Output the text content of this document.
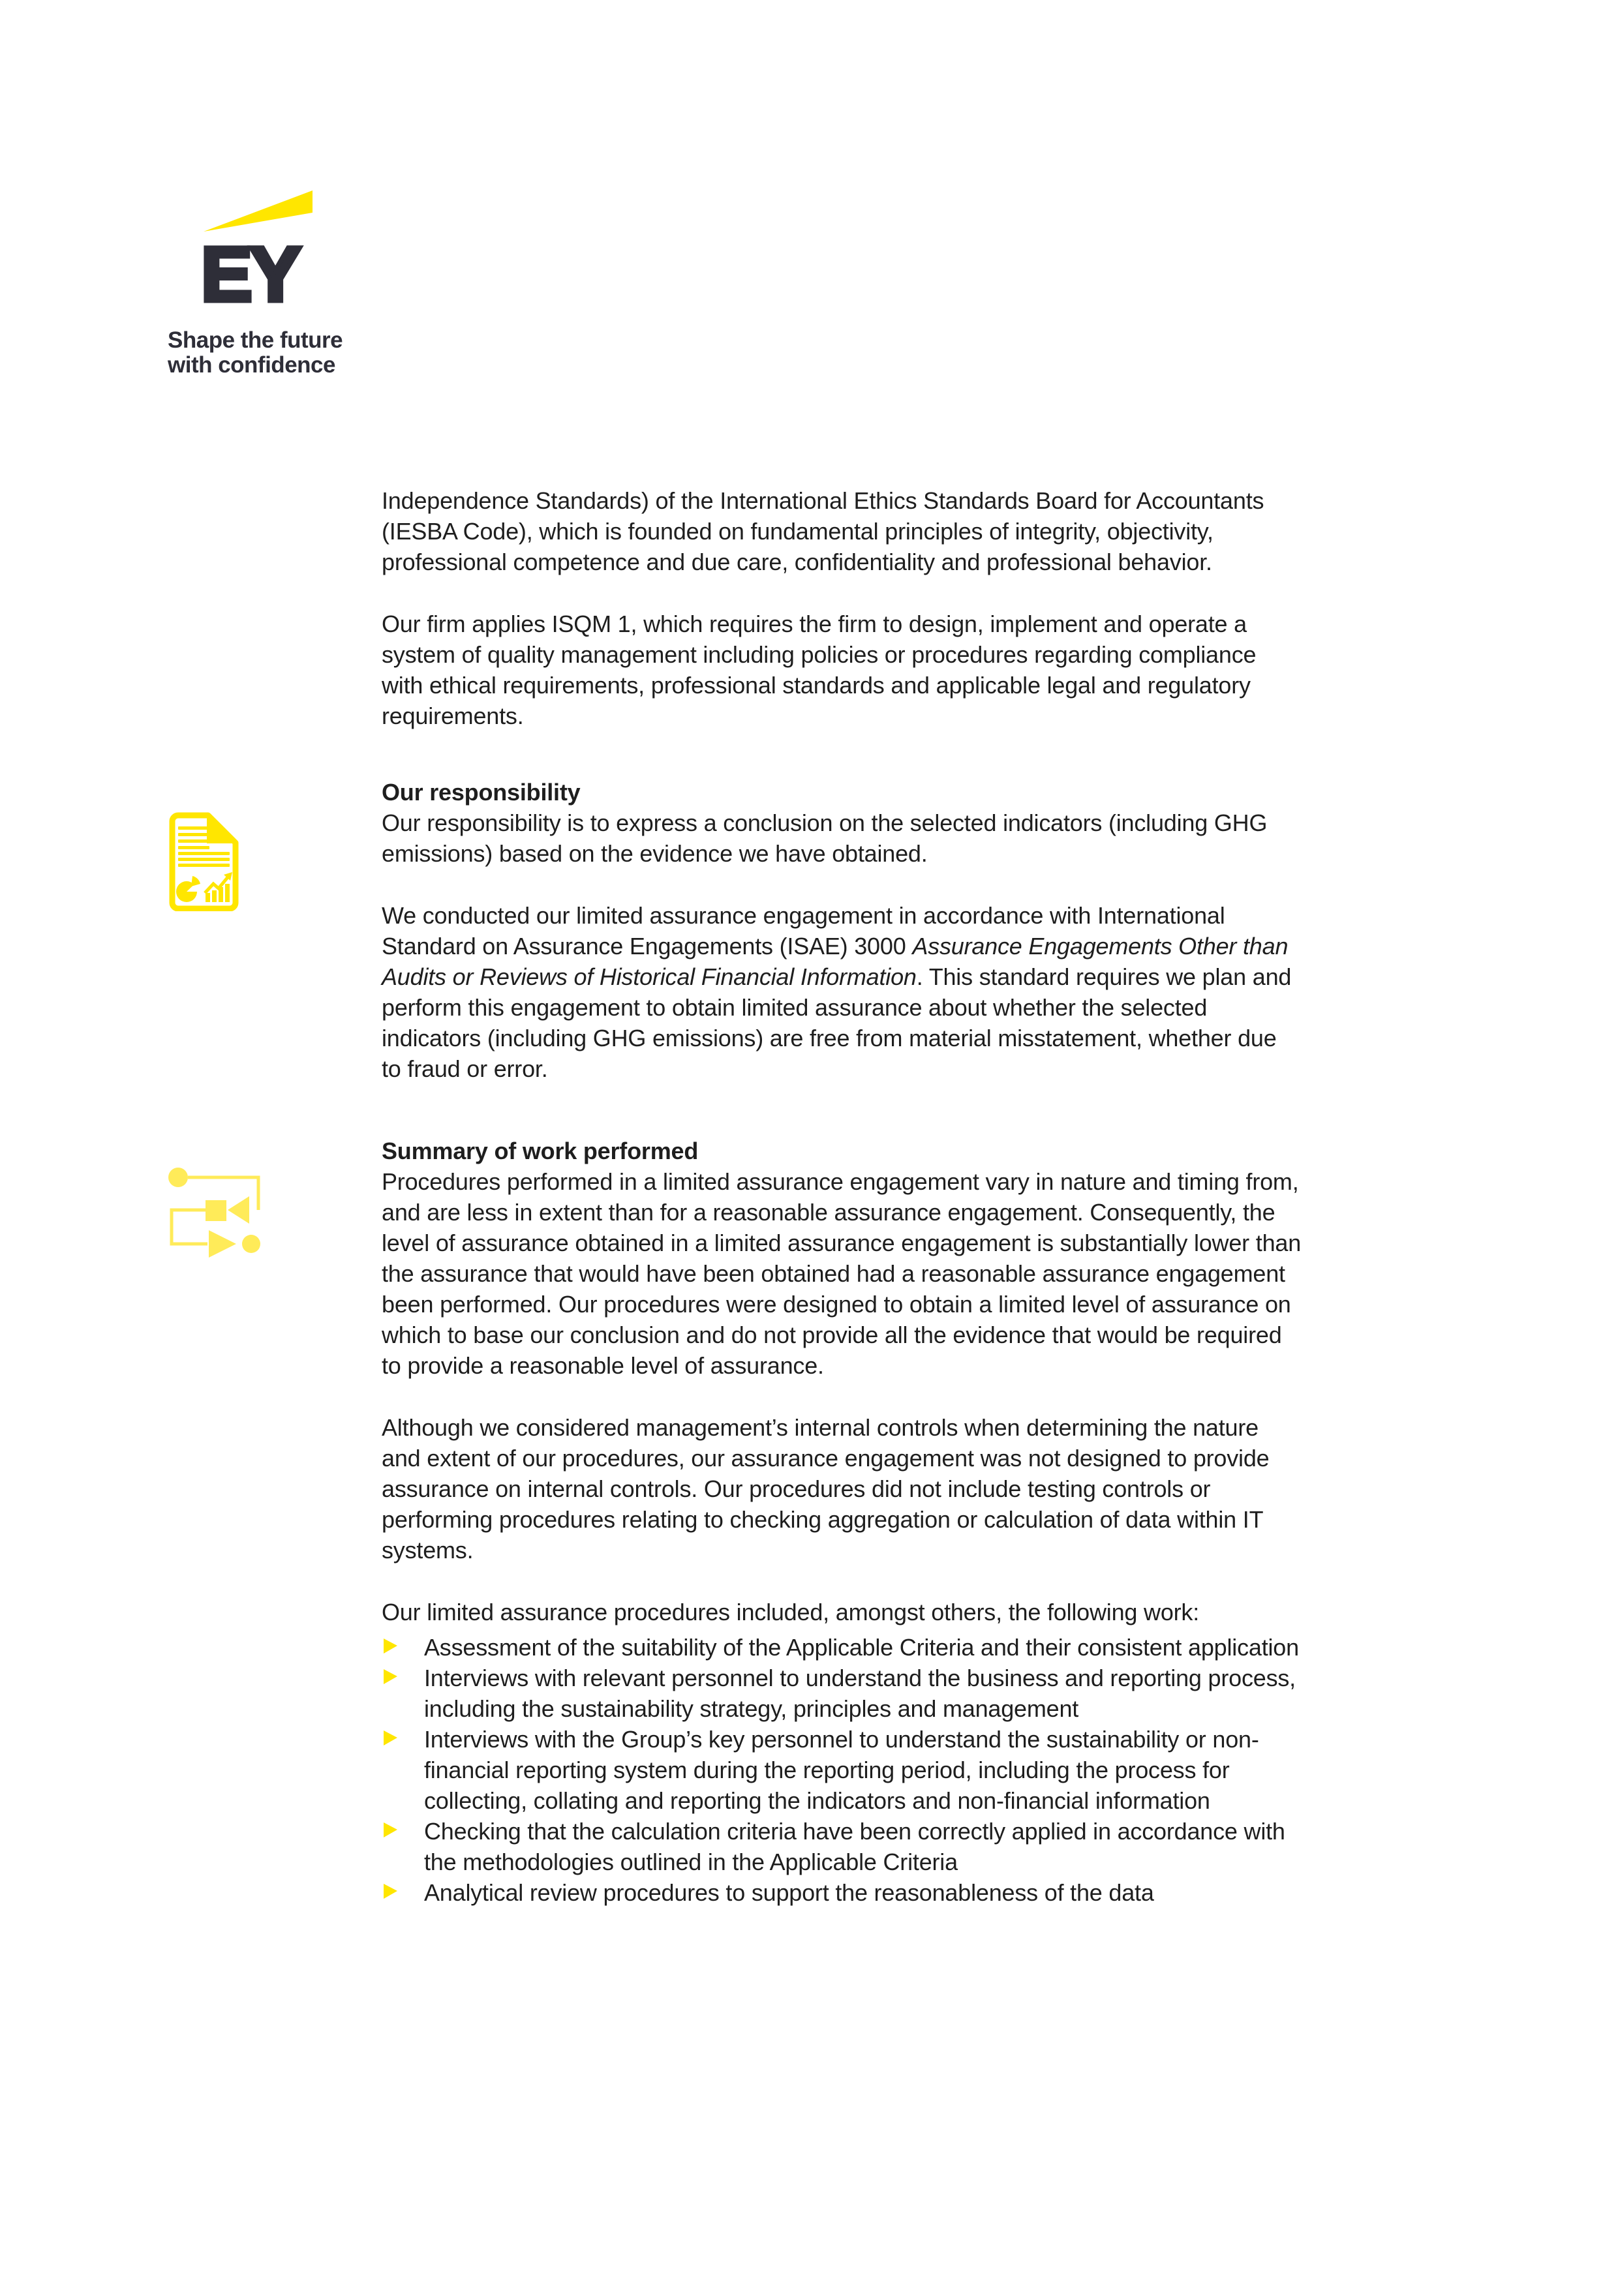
EY
Shape the future
with confidence

Independence Standards) of the International Ethics Standards Board for Accountants (IESBA Code), which is founded on fundamental principles of integrity, objectivity, professional competence and due care, confidentiality and professional behavior.

Our firm applies ISQM 1, which requires the firm to design, implement and operate a system of quality management including policies or procedures regarding compliance with ethical requirements, professional standards and applicable legal and regulatory requirements.

Our responsibility

Our responsibility is to express a conclusion on the selected indicators (including GHG emissions) based on the evidence we have obtained.

We conducted our limited assurance engagement in accordance with International Standard on Assurance Engagements (ISAE) 3000 Assurance Engagements Other than Audits or Reviews of Historical Financial Information. This standard requires we plan and perform this engagement to obtain limited assurance about whether the selected indicators (including GHG emissions) are free from material misstatement, whether due to fraud or error.

Summary of work performed

Procedures performed in a limited assurance engagement vary in nature and timing from, and are less in extent than for a reasonable assurance engagement. Consequently, the level of assurance obtained in a limited assurance engagement is substantially lower than the assurance that would have been obtained had a reasonable assurance engagement been performed. Our procedures were designed to obtain a limited level of assurance on which to base our conclusion and do not provide all the evidence that would be required to provide a reasonable level of assurance.

Although we considered management’s internal controls when determining the nature and extent of our procedures, our assurance engagement was not designed to provide assurance on internal controls. Our procedures did not include testing controls or performing procedures relating to checking aggregation or calculation of data within IT systems.

Our limited assurance procedures included, amongst others, the following work:

Assessment of the suitability of the Applicable Criteria and their consistent application
Interviews with relevant personnel to understand the business and reporting process, including the sustainability strategy, principles and management
Interviews with the Group’s key personnel to understand the sustainability or non-financial reporting system during the reporting period, including the process for collecting, collating and reporting the indicators and non-financial information
Checking that the calculation criteria have been correctly applied in accordance with the methodologies outlined in the Applicable Criteria
Analytical review procedures to support the reasonableness of the data
